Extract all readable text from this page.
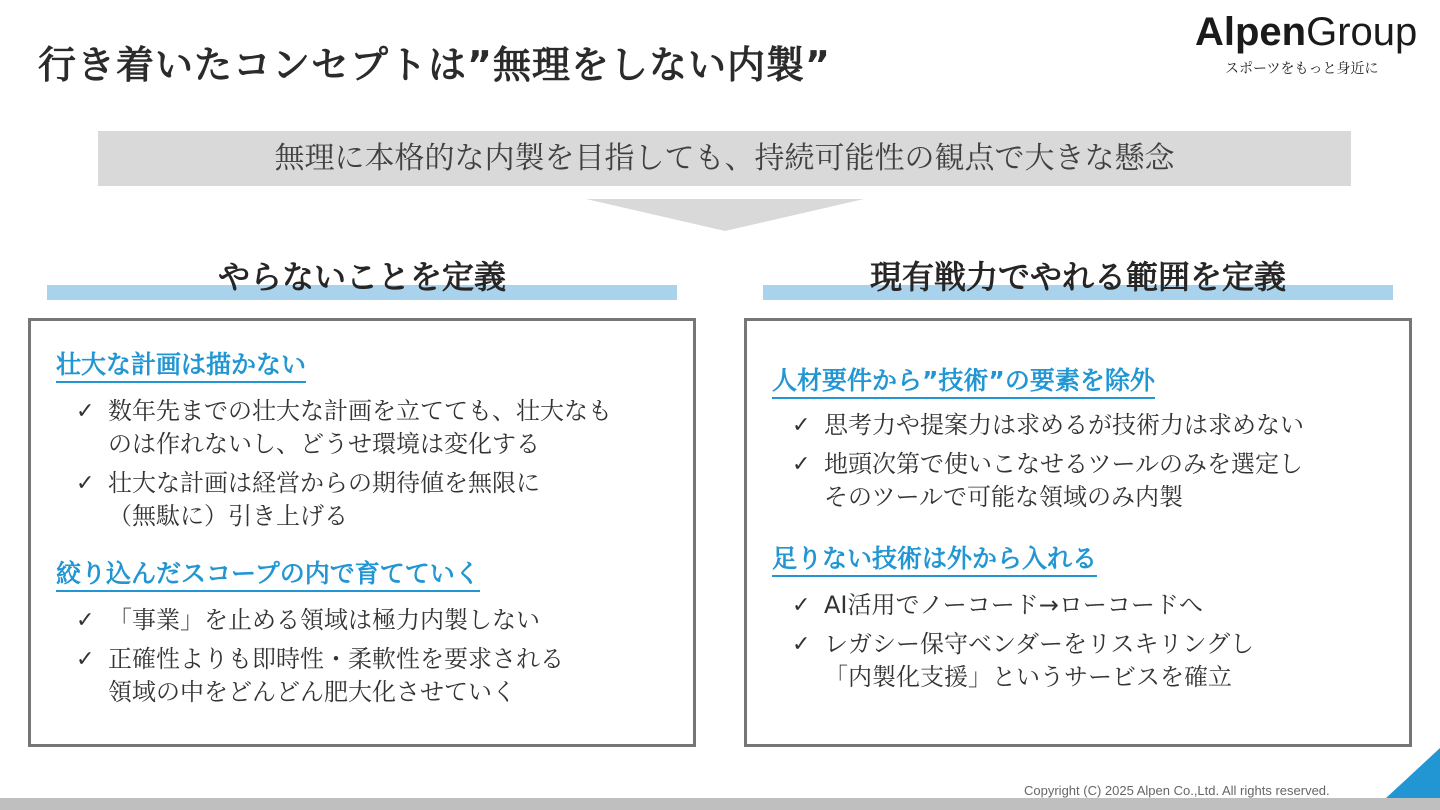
行き着いたコンセプトは”無理をしない内製”
AlpenGroup
スポーツをもっと身近に
無理に本格的な内製を目指しても、持続可能性の観点で大きな懸念
やらないことを定義
壮大な計画は描かない
✓ 数年先までの壮大な計画を立てても、壮大なも
のは作れないし、どうせ環境は変化する
✓ 壮大な計画は経営からの期待値を無限に
（無駄に）引き上げる
絞り込んだスコープの内で育てていく
✓ 「事業」を止める領域は極力内製しない
✓ 正確性よりも即時性・柔軟性を要求される
領域の中をどんどん肥大化させていく
現有戦力でやれる範囲を定義
人材要件から”技術”の要素を除外
✓ 思考力や提案力は求めるが技術力は求めない
✓ 地頭次第で使いこなせるツールのみを選定し
そのツールで可能な領域のみ内製
足りない技術は外から入れる
✓ AI活用でノーコード→ローコードへ
✓ レガシー保守ベンダーをリスキリングし
「内製化支援」というサービスを確立
Copyright (C) 2025 Alpen Co.,Ltd. All rights reserved.
